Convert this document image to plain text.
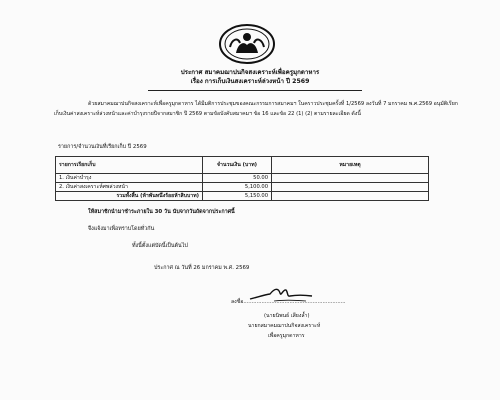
ประกาศ สมาคมฌาปนกิจสงเคราะห์เพื่อครูมุกดาหาร
เรื่อง การเก็บเงินสงเคราะห์ล่วงหน้า ปี 2569
ด้วยสมาคมฌาปนกิจสงเคราะห์เพื่อครูมุกดาหาร ได้มีมติการประชุมของคณะกรรมการสมาคมฯ ในคราวประชุมครั้งที่ 1/2569 ลงวันที่ 7 มกราคม พ.ศ.2569 อนุมัติเรียกเก็บเงินค่าสงเคราะห์ล่วงหน้าและค่าบำรุงรายปีจากสมาชิก ปี 2569 ตามข้อบังคับสมาคมฯ ข้อ 16 และข้อ 22 (1) (2) ตามรายละเอียด ดังนี้
รายการ/จำนวนเงินที่เรียกเก็บ ปี 2569
รายการเรียกเก็บ	จำนวนเงิน (บาท)	หมายเหตุ
1. เงินค่าบำรุง	50.00	
2. เงินค่าสงเคราะห์ศพล่วงหน้า	5,100.00	
รวมทั้งสิ้น (ห้าพันหนึ่งร้อยห้าสิบบาท)	5,150.00	
ให้สมาชิกนำมาชำระภายใน 30 วัน นับจากวันถัดจากประกาศนี้
จึงแจ้งมาเพื่อทราบโดยทั่วกัน
ทั้งนี้ตั้งแต่บัดนี้เป็นต้นไป
ประกาศ ณ วันที่ 26 มกราคม พ.ศ. 2569
ลงชื่อ..............................................................
(นายนิพนธ์ เสียงล้ำ)
นายกสมาคมฌาปนกิจสงเคราะห์
เพื่อครูมุกดาหาร
